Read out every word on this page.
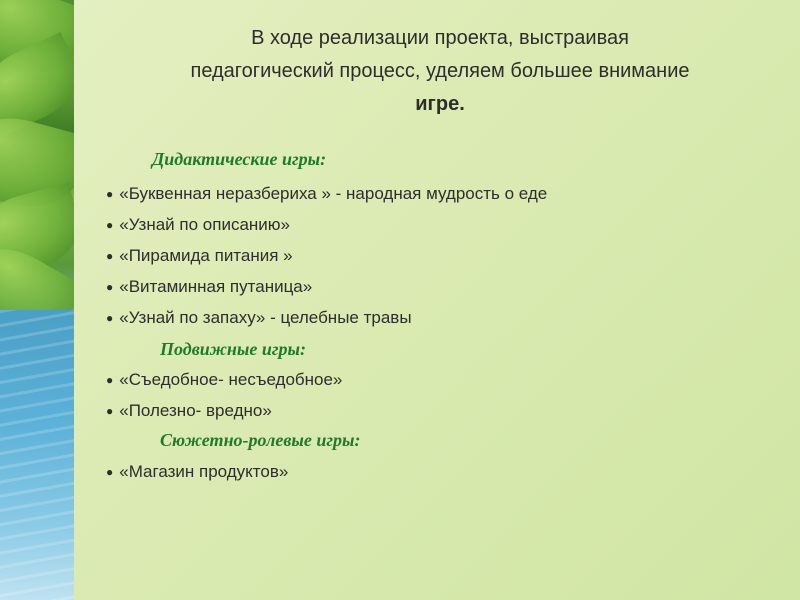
В ходе реализации проекта, выстраивая
педагогический процесс, уделяем большее внимание
игре.
Дидактические игры:
● «Буквенная неразбериха » - народная мудрость о еде
● «Узнай по описанию»
● «Пирамида питания »
● «Витаминная путаница»
● «Узнай по запаху» - целебные травы
Подвижные игры:
● «Съедобное- несъедобное»
● «Полезно- вредно»
Сюжетно-ролевые игры:
● «Магазин продуктов»
